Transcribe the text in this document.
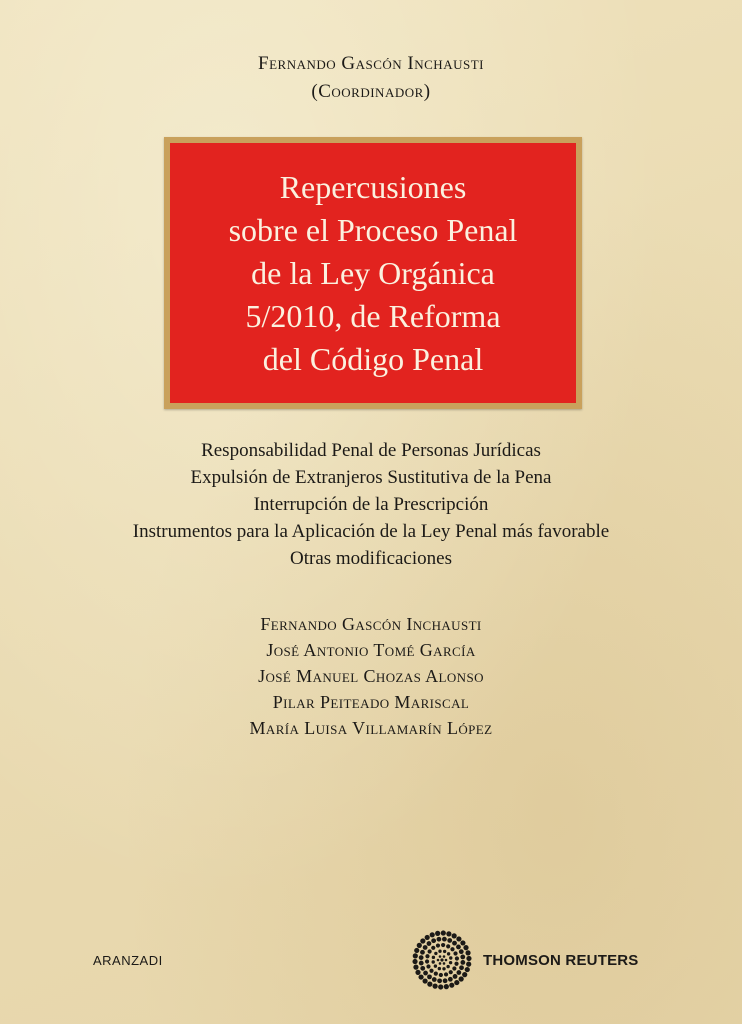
Fernando Gascón Inchausti
(Coordinador)
Repercusiones
sobre el Proceso Penal
de la Ley Orgánica
5/2010, de Reforma
del Código Penal
Responsabilidad Penal de Personas Jurídicas
Expulsión de Extranjeros Sustitutiva de la Pena
Interrupción de la Prescripción
Instrumentos para la Aplicación de la Ley Penal más favorable
Otras modificaciones
Fernando Gascón Inchausti
José Antonio Tomé García
José Manuel Chozas Alonso
Pilar Peiteado Mariscal
María Luisa Villamarín López
ARANZADI	THOMSON REUTERS
